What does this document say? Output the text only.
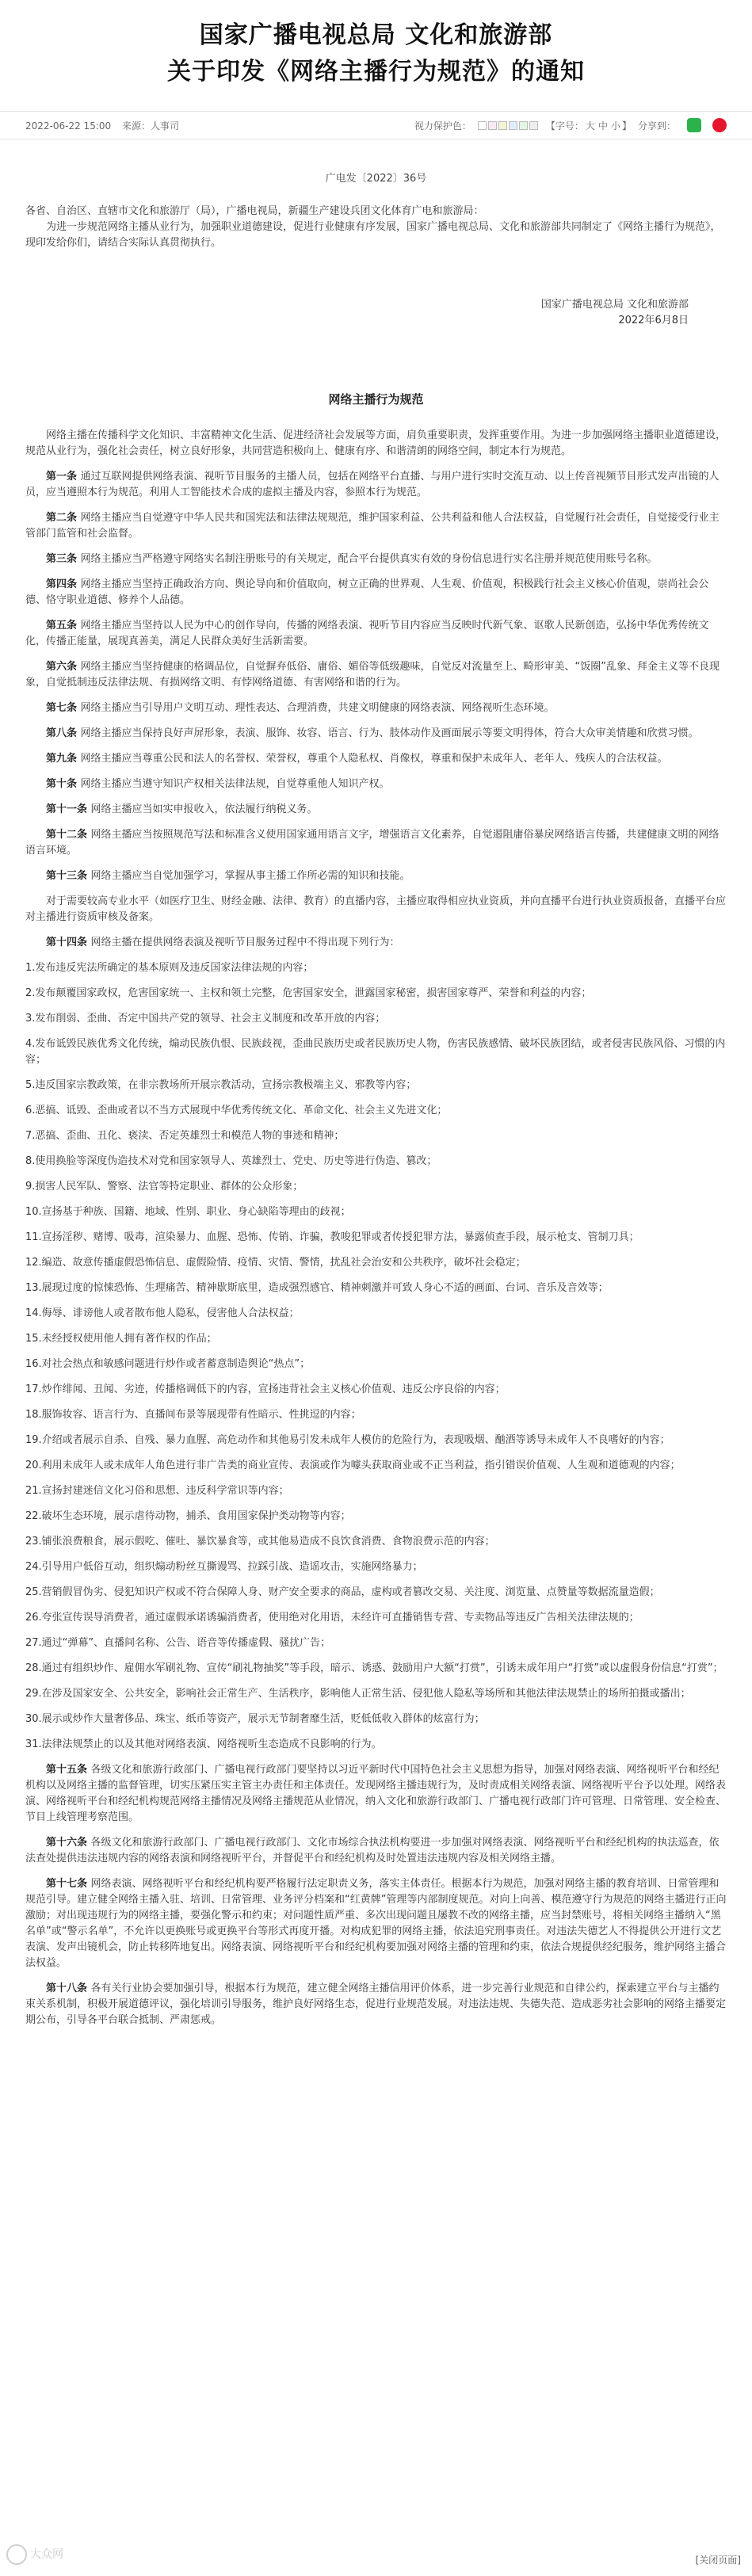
国家广播电视总局 文化和旅游部
关于印发《网络主播行为规范》的通知
2022-06-22 15:00 来源：人事司	视力保护色：	【字号： 大 中 小 】 分享到：
广电发〔2022〕36号

各省、自治区、直辖市文化和旅游厅（局），广播电视局，新疆生产建设兵团文化体育广电和旅游局：

为进一步规范网络主播从业行为，加强职业道德建设，促进行业健康有序发展，国家广播电视总局、文化和旅游部共同制定了《网络主播行为规范》，现印发给你们，请结合实际认真贯彻执行。

国家广播电视总局 文化和旅游部
2022年6月8日
网络主播行为规范

网络主播在传播科学文化知识、丰富精神文化生活、促进经济社会发展等方面，肩负重要职责，发挥重要作用。为进一步加强网络主播职业道德建设，规范从业行为，强化社会责任，树立良好形象，共同营造积极向上、健康有序、和谐清朗的网络空间，制定本行为规范。

第一条 通过互联网提供网络表演、视听节目服务的主播人员，包括在网络平台直播、与用户进行实时交流互动、以上传音视频节目形式发声出镜的人员，应当遵照本行为规范。利用人工智能技术合成的虚拟主播及内容，参照本行为规范。

第二条 网络主播应当自觉遵守中华人民共和国宪法和法律法规规范，维护国家利益、公共利益和他人合法权益，自觉履行社会责任，自觉接受行业主管部门监管和社会监督。

第三条 网络主播应当严格遵守网络实名制注册账号的有关规定，配合平台提供真实有效的身份信息进行实名注册并规范使用账号名称。

第四条 网络主播应当坚持正确政治方向、舆论导向和价值取向，树立正确的世界观、人生观、价值观，积极践行社会主义核心价值观，崇尚社会公德、恪守职业道德、修养个人品德。

第五条 网络主播应当坚持以人民为中心的创作导向，传播的网络表演、视听节目内容应当反映时代新气象、讴歌人民新创造，弘扬中华优秀传统文化，传播正能量，展现真善美，满足人民群众美好生活新需要。

第六条 网络主播应当坚持健康的格调品位，自觉摒弃低俗、庸俗、媚俗等低级趣味，自觉反对流量至上、畸形审美、“饭圈”乱象、拜金主义等不良现象，自觉抵制违反法律法规、有损网络文明、有悖网络道德、有害网络和谐的行为。

第七条 网络主播应当引导用户文明互动、理性表达、合理消费，共建文明健康的网络表演、网络视听生态环境。

第八条 网络主播应当保持良好声屏形象，表演、服饰、妆容、语言、行为、肢体动作及画面展示等要文明得体，符合大众审美情趣和欣赏习惯。

第九条 网络主播应当尊重公民和法人的名誉权、荣誉权，尊重个人隐私权、肖像权，尊重和保护未成年人、老年人、残疾人的合法权益。

第十条 网络主播应当遵守知识产权相关法律法规，自觉尊重他人知识产权。

第十一条 网络主播应当如实申报收入，依法履行纳税义务。

第十二条 网络主播应当按照规范写法和标准含义使用国家通用语言文字，增强语言文化素养，自觉遏阻庸俗暴戾网络语言传播，共建健康文明的网络语言环境。

第十三条 网络主播应当自觉加强学习，掌握从事主播工作所必需的知识和技能。

对于需要较高专业水平（如医疗卫生、财经金融、法律、教育）的直播内容，主播应取得相应执业资质，并向直播平台进行执业资质报备，直播平台应对主播进行资质审核及备案。

第十四条 网络主播在提供网络表演及视听节目服务过程中不得出现下列行为：

1.发布违反宪法所确定的基本原则及违反国家法律法规的内容；

2.发布颠覆国家政权，危害国家统一、主权和领土完整，危害国家安全，泄露国家秘密，损害国家尊严、荣誉和利益的内容；

3.发布削弱、歪曲、否定中国共产党的领导、社会主义制度和改革开放的内容；

4.发布诋毁民族优秀文化传统，煽动民族仇恨、民族歧视，歪曲民族历史或者民族历史人物，伤害民族感情、破坏民族团结，或者侵害民族风俗、习惯的内容；

5.违反国家宗教政策，在非宗教场所开展宗教活动，宣扬宗教极端主义、邪教等内容；

6.恶搞、诋毁、歪曲或者以不当方式展现中华优秀传统文化、革命文化、社会主义先进文化；

7.恶搞、歪曲、丑化、亵渎、否定英雄烈士和模范人物的事迹和精神；

8.使用换脸等深度伪造技术对党和国家领导人、英雄烈士、党史、历史等进行伪造、篡改；

9.损害人民军队、警察、法官等特定职业、群体的公众形象；

10.宣扬基于种族、国籍、地域、性别、职业、身心缺陷等理由的歧视；

11.宣扬淫秽、赌博、吸毒，渲染暴力、血腥、恐怖、传销、诈骗，教唆犯罪或者传授犯罪方法，暴露侦查手段，展示枪支、管制刀具；

12.编造、故意传播虚假恐怖信息、虚假险情、疫情、灾情、警情，扰乱社会治安和公共秩序，破坏社会稳定；

13.展现过度的惊悚恐怖、生理痛苦、精神歇斯底里，造成强烈感官、精神刺激并可致人身心不适的画面、台词、音乐及音效等；

14.侮辱、诽谤他人或者散布他人隐私，侵害他人合法权益；

15.未经授权使用他人拥有著作权的作品；

16.对社会热点和敏感问题进行炒作或者蓄意制造舆论“热点”；

17.炒作绯闻、丑闻、劣迹，传播格调低下的内容，宣扬违背社会主义核心价值观、违反公序良俗的内容；

18.服饰妆容、语言行为、直播间布景等展现带有性暗示、性挑逗的内容；

19.介绍或者展示自杀、自残、暴力血腥、高危动作和其他易引发未成年人模仿的危险行为，表现吸烟、酗酒等诱导未成年人不良嗜好的内容；

20.利用未成年人或未成年人角色进行非广告类的商业宣传、表演或作为噱头获取商业或不正当利益，指引错误价值观、人生观和道德观的内容；

21.宣扬封建迷信文化习俗和思想、违反科学常识等内容；

22.破坏生态环境，展示虐待动物，捕杀、食用国家保护类动物等内容；

23.铺张浪费粮食，展示假吃、催吐、暴饮暴食等，或其他易造成不良饮食消费、食物浪费示范的内容；

24.引导用户低俗互动，组织煽动粉丝互撕谩骂、拉踩引战、造谣攻击，实施网络暴力；

25.营销假冒伪劣、侵犯知识产权或不符合保障人身、财产安全要求的商品，虚构或者篡改交易、关注度、浏览量、点赞量等数据流量造假；

26.夸张宣传误导消费者，通过虚假承诺诱骗消费者，使用绝对化用语，未经许可直播销售专营、专卖物品等违反广告相关法律法规的；

27.通过“弹幕”、直播间名称、公告、语音等传播虚假、骚扰广告；

28.通过有组织炒作、雇佣水军刷礼物、宣传“刷礼物抽奖”等手段，暗示、诱惑、鼓励用户大额“打赏”，引诱未成年用户“打赏”或以虚假身份信息“打赏”；

29.在涉及国家安全、公共安全，影响社会正常生产、生活秩序，影响他人正常生活、侵犯他人隐私等场所和其他法律法规禁止的场所拍摄或播出；

30.展示或炒作大量奢侈品、珠宝、纸币等资产，展示无节制奢靡生活，贬低低收入群体的炫富行为；

31.法律法规禁止的以及其他对网络表演、网络视听生态造成不良影响的行为。

第十五条 各级文化和旅游行政部门、广播电视行政部门要坚持以习近平新时代中国特色社会主义思想为指导，加强对网络表演、网络视听平台和经纪机构以及网络主播的监督管理，切实压紧压实主管主办责任和主体责任。发现网络主播违规行为，及时责成相关网络表演、网络视听平台予以处理。网络表演、网络视听平台和经纪机构规范网络主播情况及网络主播规范从业情况，纳入文化和旅游行政部门、广播电视行政部门许可管理、日常管理、安全检查、节目上线管理考察范围。

第十六条 各级文化和旅游行政部门、广播电视行政部门、文化市场综合执法机构要进一步加强对网络表演、网络视听平台和经纪机构的执法巡查，依法查处提供违法违规内容的网络表演和网络视听平台，并督促平台和经纪机构及时处置违法违规内容及相关网络主播。

第十七条 网络表演、网络视听平台和经纪机构要严格履行法定职责义务，落实主体责任。根据本行为规范，加强对网络主播的教育培训、日常管理和规范引导。建立健全网络主播入驻、培训、日常管理、业务评分档案和“红黄牌”管理等内部制度规范。对向上向善、模范遵守行为规范的网络主播进行正向激励；对出现违规行为的网络主播，要强化警示和约束；对问题性质严重、多次出现问题且屡教不改的网络主播，应当封禁账号，将相关网络主播纳入“黑名单”或“警示名单”，不允许以更换账号或更换平台等形式再度开播。对构成犯罪的网络主播，依法追究刑事责任。对违法失德艺人不得提供公开进行文艺表演、发声出镜机会，防止转移阵地复出。网络表演、网络视听平台和经纪机构要加强对网络主播的管理和约束，依法合规提供经纪服务，维护网络主播合法权益。

第十八条 各有关行业协会要加强引导，根据本行为规范，建立健全网络主播信用评价体系，进一步完善行业规范和自律公约，探索建立平台与主播约束关系机制，积极开展道德评议，强化培训引导服务，维护良好网络生态，促进行业规范发展。对违法违规、失德失范、造成恶劣社会影响的网络主播要定期公布，引导各平台联合抵制、严肃惩戒。

大众网	[关闭页面]
